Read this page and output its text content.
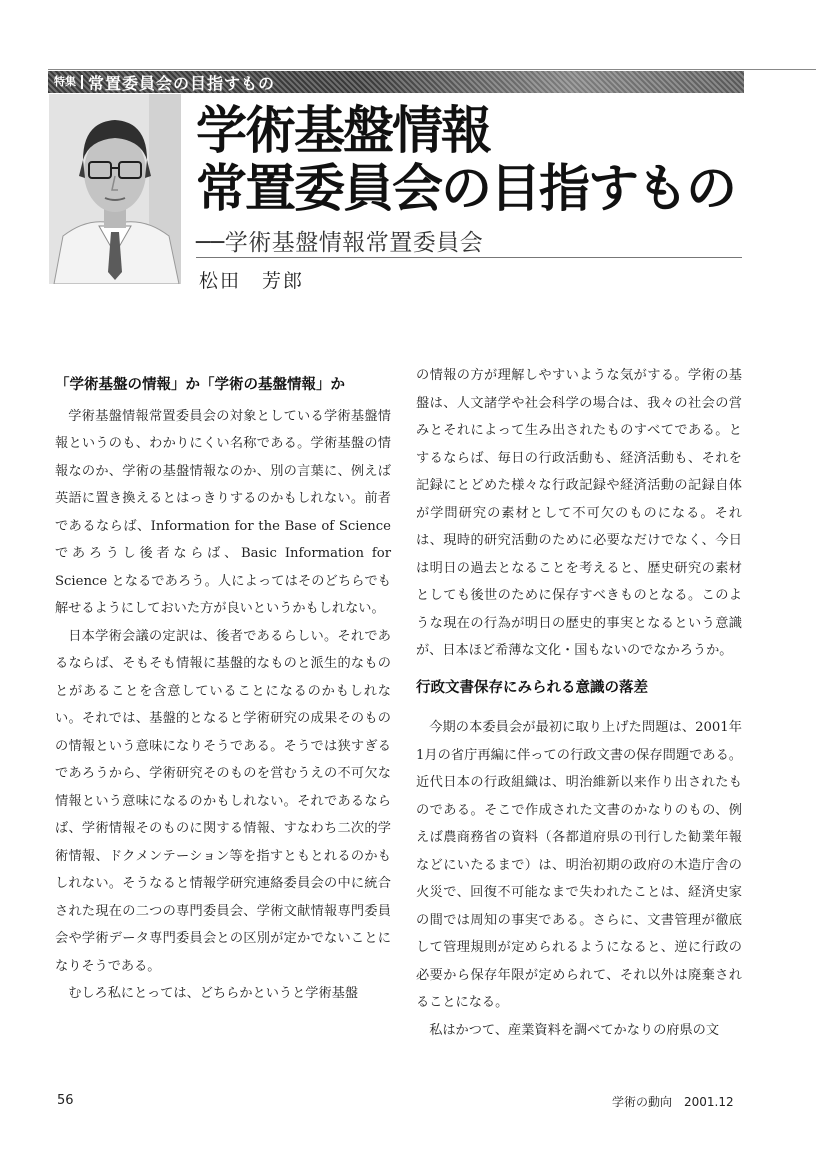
特集 常置委員会の目指すもの
学術基盤情報
常置委員会の目指すもの
──学術基盤情報常置委員会
松田　芳郎
「学術基盤の情報」か「学術の基盤情報」か

学術基盤情報常置委員会の対象としている学術基盤情報というのも、わかりにくい名称である。学術基盤の情報なのか、学術の基盤情報なのか、別の言葉に、例えば英語に置き換えるとはっきりするのかもしれない。前者であるならば、Information for the Base of Science であろうし後者ならば、Basic Information for Science となるであろう。人によってはそのどちらでも解せるようにしておいた方が良いというかもしれない。

日本学術会議の定訳は、後者であるらしい。それであるならば、そもそも情報に基盤的なものと派生的なものとがあることを含意していることになるのかもしれない。それでは、基盤的となると学術研究の成果そのものの情報という意味になりそうである。そうでは狭すぎるであろうから、学術研究そのものを営むうえの不可欠な情報という意味になるのかもしれない。それであるならば、学術情報そのものに関する情報、すなわち二次的学術情報、ドクメンテーション等を指すともとれるのかもしれない。そうなると情報学研究連絡委員会の中に統合された現在の二つの専門委員会、学術文献情報専門委員会や学術データ専門委員会との区別が定かでないことになりそうである。

むしろ私にとっては、どちらかというと学術基盤

の情報の方が理解しやすいような気がする。学術の基盤は、人文諸学や社会科学の場合は、我々の社会の営みとそれによって生み出されたものすべてである。とするならば、毎日の行政活動も、経済活動も、それを記録にとどめた様々な行政記録や経済活動の記録自体が学問研究の素材として不可欠のものになる。それは、現時的研究活動のために必要なだけでなく、今日は明日の過去となることを考えると、歴史研究の素材としても後世のために保存すべきものとなる。このような現在の行為が明日の歴史的事実となるという意識が、日本ほど希薄な文化・国もないのでなかろうか。

行政文書保存にみられる意識の落差

今期の本委員会が最初に取り上げた問題は、2001年1月の省庁再編に伴っての行政文書の保存問題である。近代日本の行政組織は、明治維新以来作り出されたものである。そこで作成された文書のかなりのもの、例えば農商務省の資料（各都道府県の刊行した勧業年報などにいたるまで）は、明治初期の政府の木造庁舎の火災で、回復不可能なまで失われたことは、経済史家の間では周知の事実である。さらに、文書管理が徹底して管理規則が定められるようになると、逆に行政の必要から保存年限が定められて、それ以外は廃棄されることになる。

私はかつて、産業資料を調べてかなりの府県の文

56	学術の動向　2001.12
